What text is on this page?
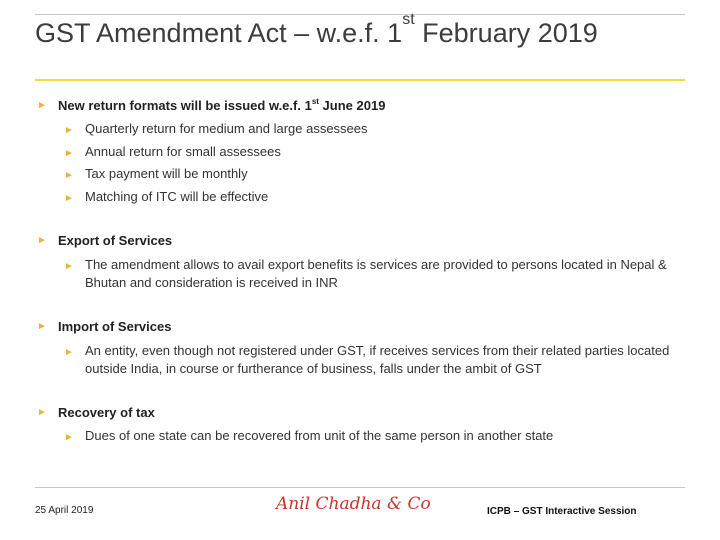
GST Amendment Act – w.e.f. 1st February 2019
► New return formats will be issued w.e.f. 1st June 2019
► Quarterly return for medium and large assessees
► Annual return for small assessees
► Tax payment will be monthly
► Matching of ITC will be effective
► Export of Services
► The amendment allows to avail export benefits is services are provided to persons located in Nepal & Bhutan and consideration is received in INR
► Import of Services
► An entity, even though not registered under GST, if receives services from their related parties located outside India, in course or furtherance of business, falls under the ambit of GST
► Recovery of tax
► Dues of one state can be recovered from unit of the same person in another state
25 April 2019	Anil Chadha & Co	ICPB – GST Interactive Session
